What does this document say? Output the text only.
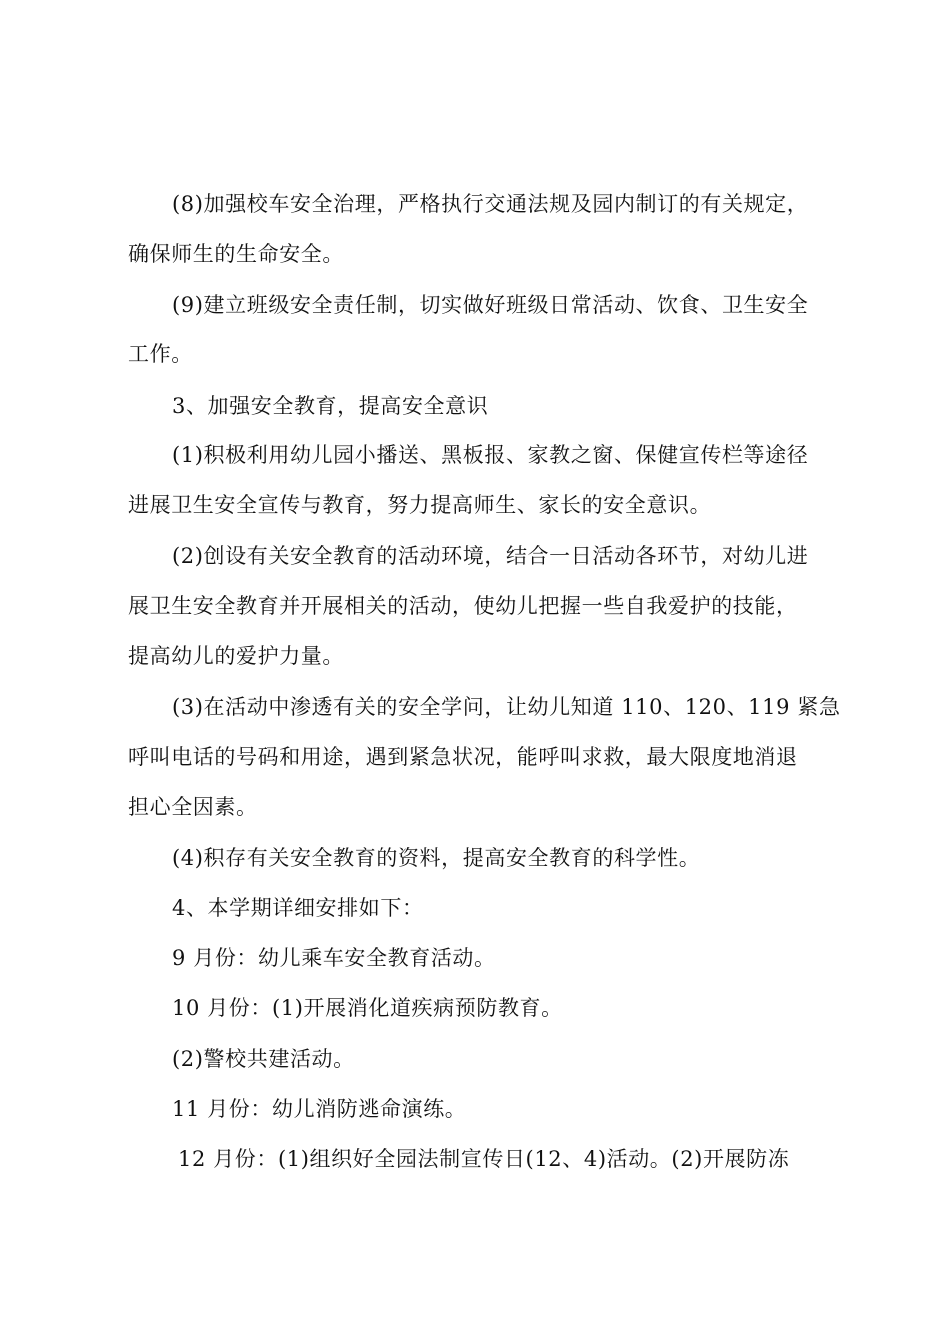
(8)加强校车安全治理，严格执行交通法规及园内制订的有关规定，
确保师生的生命安全。
(9)建立班级安全责任制，切实做好班级日常活动、饮食、卫生安全
工作。
3、加强安全教育，提高安全意识
(1)积极利用幼儿园小播送、黑板报、家教之窗、保健宣传栏等途径
进展卫生安全宣传与教育，努力提高师生、家长的安全意识。
(2)创设有关安全教育的活动环境，结合一日活动各环节，对幼儿进
展卫生安全教育并开展相关的活动，使幼儿把握一些自我爱护的技能，
提高幼儿的爱护力量。
(3)在活动中渗透有关的安全学问，让幼儿知道 110、120、119 紧急
呼叫电话的号码和用途，遇到紧急状况，能呼叫求救，最大限度地消退
担心全因素。
(4)积存有关安全教育的资料，提高安全教育的科学性。
4、本学期详细安排如下：
9 月份：幼儿乘车安全教育活动。
10 月份：(1)开展消化道疾病预防教育。
(2)警校共建活动。
11 月份：幼儿消防逃命演练。
12 月份：(1)组织好全园法制宣传日(12、4)活动。(2)开展防冻
